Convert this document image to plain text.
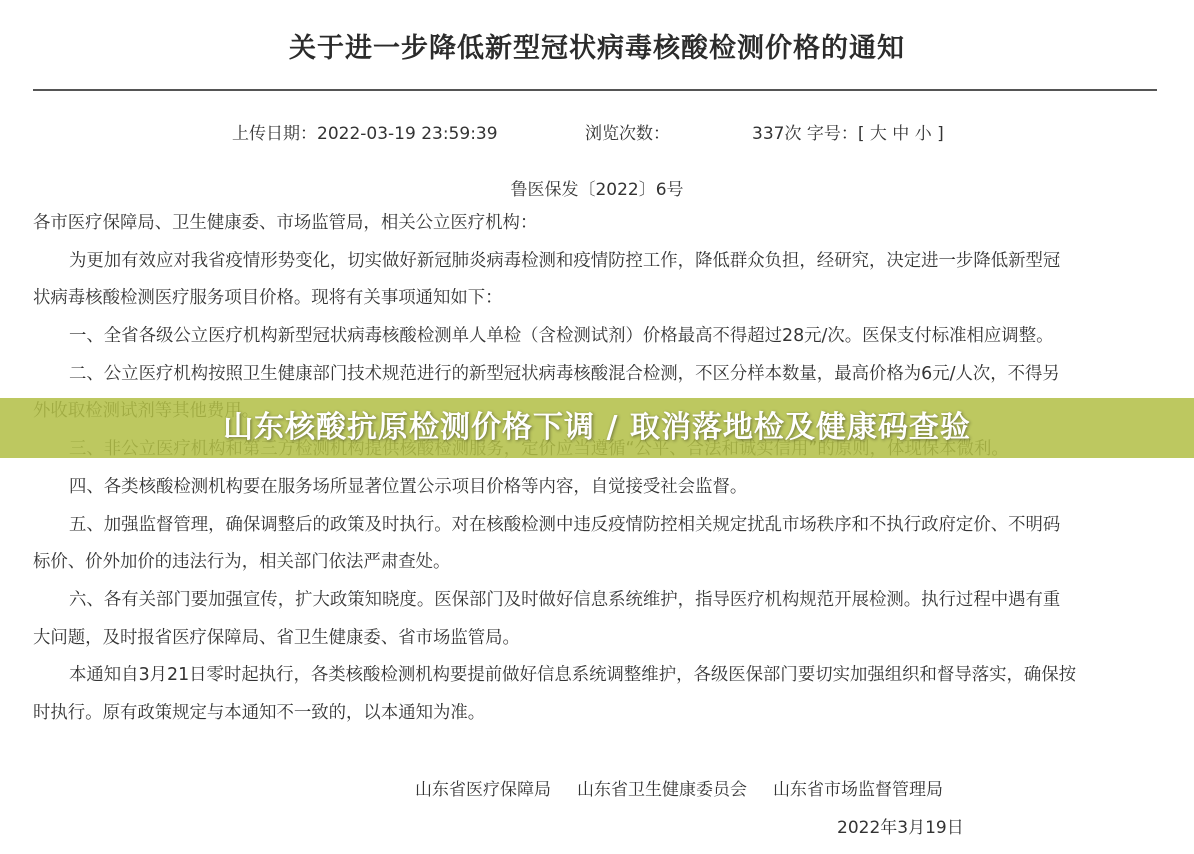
关于进一步降低新型冠状病毒核酸检测价格的通知
上传日期：2022-03-19 23:59:39	浏览次数：	337次 字号：[ 大 中 小 ]
鲁医保发〔2022〕6号
各市医疗保障局、卫生健康委、市场监管局，相关公立医疗机构：
为更加有效应对我省疫情形势变化，切实做好新冠肺炎病毒检测和疫情防控工作，降低群众负担，经研究，决定进一步降低新型冠
状病毒核酸检测医疗服务项目价格。现将有关事项通知如下：
一、全省各级公立医疗机构新型冠状病毒核酸检测单人单检（含检测试剂）价格最高不得超过28元/次。医保支付标准相应调整。
二、公立医疗机构按照卫生健康部门技术规范进行的新型冠状病毒核酸混合检测，不区分样本数量，最高价格为6元/人次，不得另
四、各类核酸检测机构要在服务场所显著位置公示项目价格等内容，自觉接受社会监督。
五、加强监督管理，确保调整后的政策及时执行。对在核酸检测中违反疫情防控相关规定扰乱市场秩序和不执行政府定价、不明码
标价、价外加价的违法行为，相关部门依法严肃查处。
六、各有关部门要加强宣传，扩大政策知晓度。医保部门及时做好信息系统维护，指导医疗机构规范开展检测。执行过程中遇有重
大问题，及时报省医疗保障局、省卫生健康委、省市场监管局。
本通知自3月21日零时起执行，各类核酸检测机构要提前做好信息系统调整维护，各级医保部门要切实加强组织和督导落实，确保按
时执行。原有政策规定与本通知不一致的，以本通知为准。
山东核酸抗原检测价格下调 / 取消落地检及健康码查验
山东省医疗保障局 山东省卫生健康委员会 山东省市场监督管理局
2022年3月19日
